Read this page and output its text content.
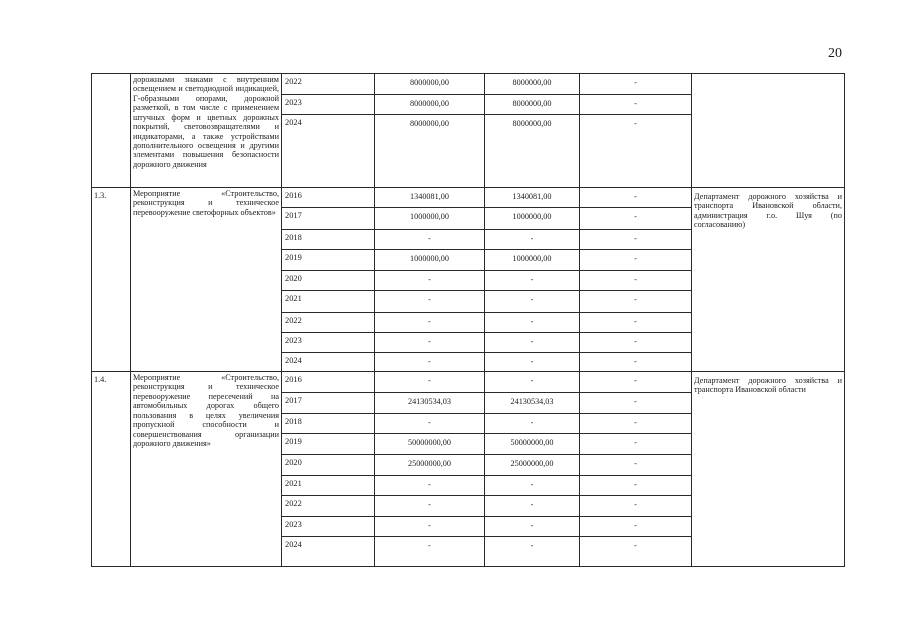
20
	дорожными знаками с внутренним освещением и светодиодной индикацией, Г-образными опорами, дорожной разметкой, в том числе с применением штучных форм и цветных дорожных покрытий, световозвращателями и индикаторами, а также устройствами дополнительного освещения и другими элементами повышения безопасности дорожного движения	2022	8000000,00	8000000,00	-	
		2023	8000000,00	8000000,00	-	
		2024	8000000,00	8000000,00	-	
1.3.	Мероприятие «Строительство, реконструкция и техническое перевооружение светофорных объектов»	2016	1340081,00	1340081,00	-	Департамент дорожного хозяйства и транспорта Ивановской области, администрация г.о. Шуя (по согласованию)
		2017	1000000,00	1000000,00	-	
		2018	-	-	-	
		2019	1000000,00	1000000,00	-	
		2020	-	-	-	
		2021	-	-	-	
		2022	-	-	-	
		2023	-	-	-	
		2024	-	-	-	
1.4.	Мероприятие «Строительство, реконструкция и техническое перевооружение пересечений на автомобильных дорогах общего пользования в целях увеличения пропускной способности и совершенствования организации дорожного движения»	2016	-	-	-	Департамент дорожного хозяйства и транспорта Ивановской области
		2017	24130534,03	24130534,03	-	
		2018	-	-	-	
		2019	50000000,00	50000000,00	-	
		2020	25000000,00	25000000,00	-	
		2021	-	-	-	
		2022	-	-	-	
		2023	-	-	-	
		2024	-	-	-	
